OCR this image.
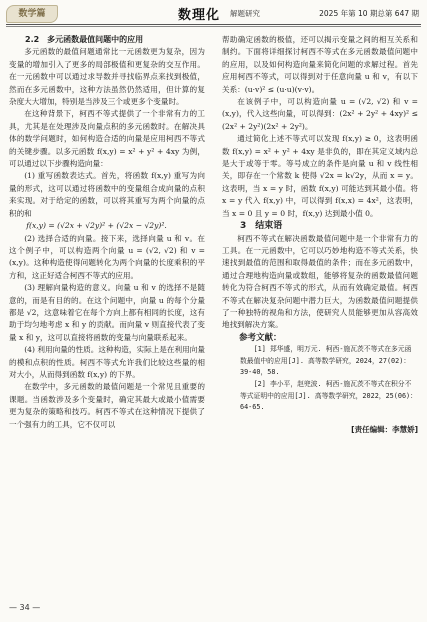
数学篇	数理化 解题研究	2025 年第 10 期总第 647 期

2.2　多元函数最值问题中的应用

多元函数的最值问题通常比一元函数更为复杂，因为变量的增加引入了更多的局部极值和更复杂的交互作用。在一元函数中可以通过求导数并寻找临界点来找到极值，然而在多元函数中，这种方法虽然仍然适用，但计算的复杂度大大增加，特别是当涉及三个或更多个变量时。

在这种背景下，柯西不等式提供了一个非常有力的工具，尤其是在处理涉及向量点积的多元函数时。在解决具体的数学问题时，如何构造合适的向量是应用柯西不等式的关键步骤。以多元函数 f(x,y) = x² + y² + 4xy 为例，可以通过以下步骤构造向量：

(1) 重写函数表达式。首先，将函数 f(x,y) 重写为向量的形式，这可以通过将函数中的变量组合成向量的点积来实现。对于给定的函数，可以将其重写为两个向量的点积的和

f(x,y) = (√2x + √2y)² + (√2x − √2y)².

(2) 选择合适的向量。接下来，选择向量 u 和 v。在这个例子中，可以构造两个向量 u = (√2, √2) 和 v = (x,y)。这种构造使得问题转化为两个向量的长度乘积的平方和，这正好适合柯西不等式的应用。

(3) 理解向量构造的意义。向量 u 和 v 的选择不是随意的，而是有目的的。在这个问题中，向量 u 的每个分量都是 √2，这意味着它在每个方向上都有相同的长度，这有助于均匀地考虑 x 和 y 的贡献。而向量 v 则直接代表了变量 x 和 y，这可以直接将函数的变量与向量联系起来。

(4) 利用向量的性质。这种构造，实际上是在利用向量的模和点积的性质。柯西不等式允许我们比较这些量的相对大小，从而得到函数 f(x,y) 的下界。

在数学中，多元函数的最值问题是一个常见且重要的课题。当函数涉及多个变量时，确定其最大或最小值需要更为复杂的策略和技巧。柯西不等式在这种情况下提供了一个强有力的工具，它不仅可以

帮助确定函数的极值，还可以揭示变量之间的相互关系和制约。下面将详细探讨柯西不等式在多元函数最值问题中的应用，以及如何构造向量来简化问题的求解过程。首先应用柯西不等式，可以得到对于任意向量 u 和 v，有以下关系：(u·v)² ≤ (u·u)(v·v)。

在该例子中，可以构造向量 u = (√2, √2) 和 v = (x,y)，代入这些向量，可以得到：(2x² + 2y² + 4xy)² ≤ (2x² + 2y²)(2x² + 2y²)。

通过简化上述不等式可以发现 f(x,y) ≥ 0，这表明函数 f(x,y) = x² + y² + 4xy 是非负的，即在其定义域内总是大于或等于零。等号成立的条件是向量 u 和 v 线性相关，即存在一个常数 k 使得 √2x = k√2y，从而 x = y。这表明，当 x = y 时，函数 f(x,y) 可能达到其最小值。将 x = y 代入 f(x,y) 中，可以得到 f(x,x) = 4x²，这表明，当 x = 0 且 y = 0 时，f(x,y) 达到最小值 0。

3　结束语

柯西不等式在解决函数最值问题中是一个非常有力的工具。在一元函数中，它可以巧妙地构造不等式关系，快速找到最值的范围和取得最值的条件；而在多元函数中，通过合理地构造向量或数组，能够将复杂的函数最值问题转化为符合柯西不等式的形式，从而有效确定最值。柯西不等式在解决复杂问题中潜力巨大，为函数最值问题提供了一种独特的视角和方法，使研究人员能够更加从容高效地找到解决方案。

参考文献：

[1] 郑华盛，明万元. 柯西-施瓦茨不等式在多元函数最值中的应用[J]. 高等数学研究，2024，27(02)：39-40，58.

[2] 李小平，赵兜波. 柯西-施瓦茨不等式在积分不等式证明中的应用[J]. 高等数学研究，2022，25(06)：64-65.

[责任编辑：李慧娇]
— 34 —
